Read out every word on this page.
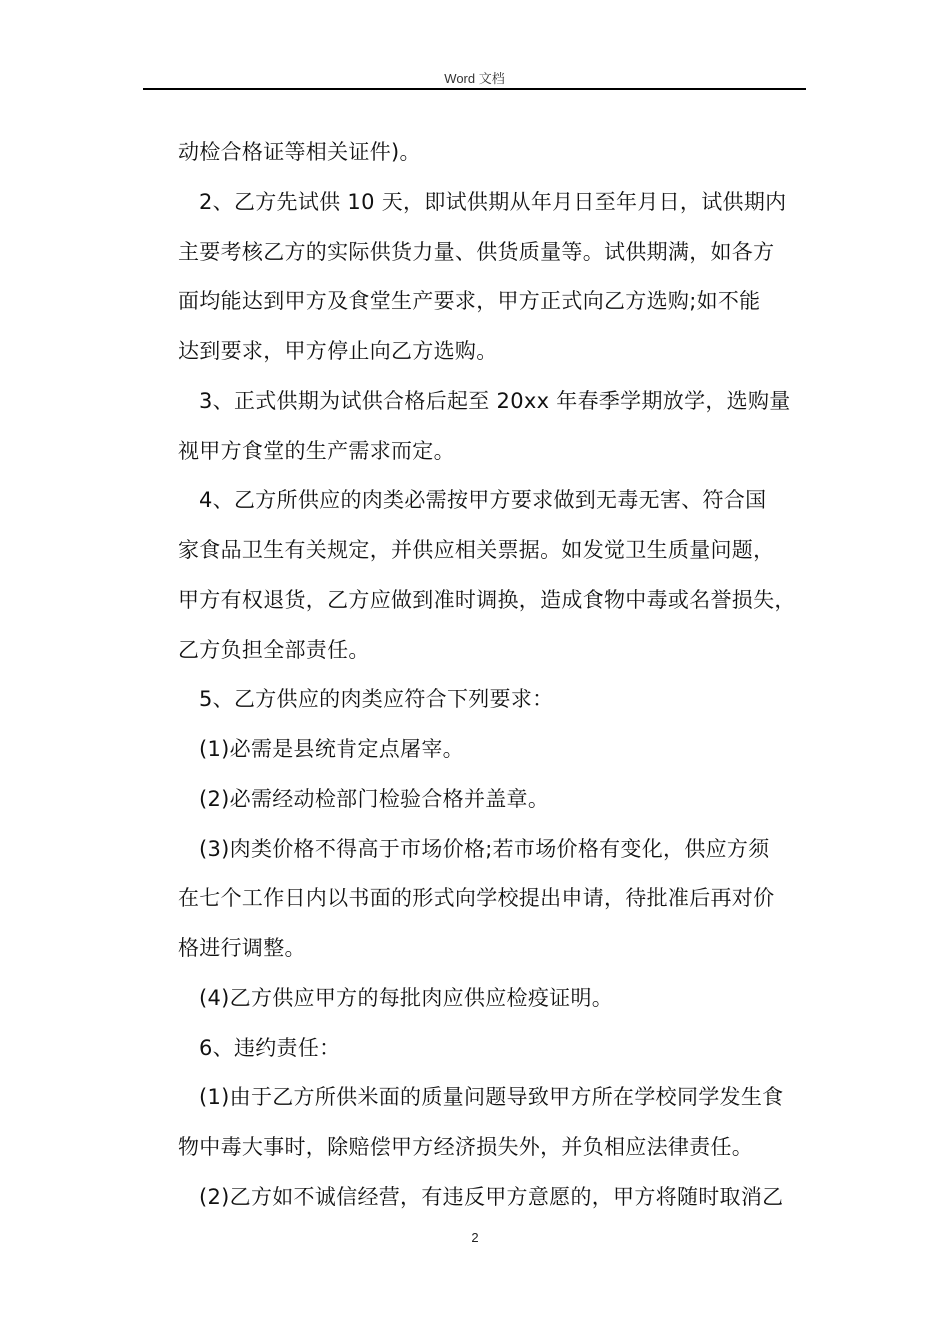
Word 文档
动检合格证等相关证件)。
2、乙方先试供 10 天，即试供期从年月日至年月日，试供期内
主要考核乙方的实际供货力量、供货质量等。试供期满，如各方
面均能达到甲方及食堂生产要求，甲方正式向乙方选购;如不能
达到要求，甲方停止向乙方选购。
3、正式供期为试供合格后起至 20xx 年春季学期放学，选购量
视甲方食堂的生产需求而定。
4、乙方所供应的肉类必需按甲方要求做到无毒无害、符合国
家食品卫生有关规定，并供应相关票据。如发觉卫生质量问题，
甲方有权退货，乙方应做到准时调换，造成食物中毒或名誉损失，
乙方负担全部责任。
5、乙方供应的肉类应符合下列要求：
(1)必需是县统肯定点屠宰。
(2)必需经动检部门检验合格并盖章。
(3)肉类价格不得高于市场价格;若市场价格有变化，供应方须
在七个工作日内以书面的形式向学校提出申请，待批准后再对价
格进行调整。
(4)乙方供应甲方的每批肉应供应检疫证明。
6、违约责任：
(1)由于乙方所供米面的质量问题导致甲方所在学校同学发生食
物中毒大事时，除赔偿甲方经济损失外，并负相应法律责任。
(2)乙方如不诚信经营，有违反甲方意愿的，甲方将随时取消乙
2
